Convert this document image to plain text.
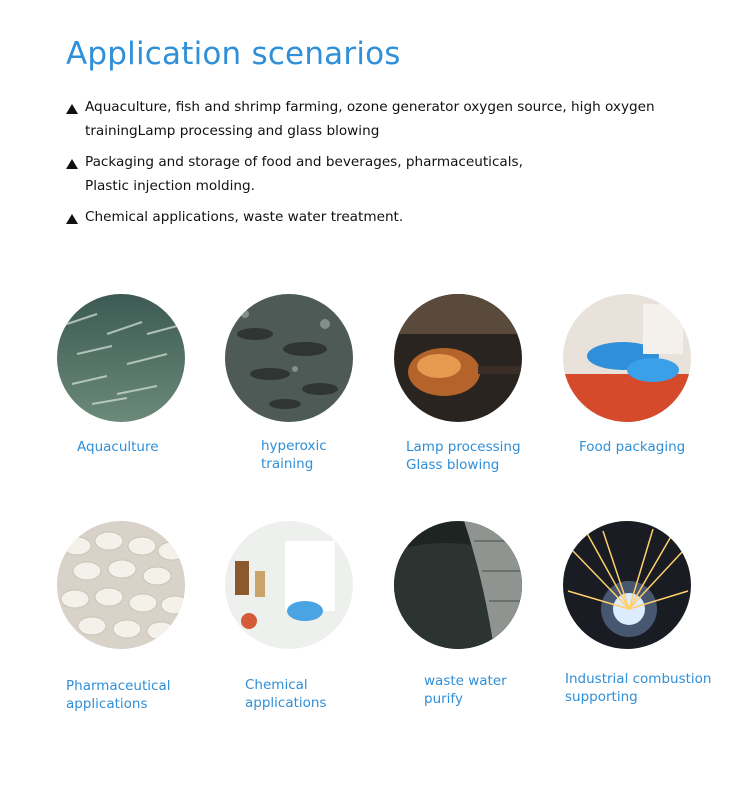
Application scenarios
Aquaculture, fish and shrimp farming, ozone generator oxygen source, high oxygen
trainingLamp processing and glass blowing
Packaging and storage of food and beverages, pharmaceuticals,
Plastic injection molding.
Chemical applications, waste water treatment.
Aquaculture	hyperoxic
training
Lamp processing
Glass blowing
Food packaging
Pharmaceutical
applications
Chemical
applications
waste water
purify
Industrial combustion
supporting
